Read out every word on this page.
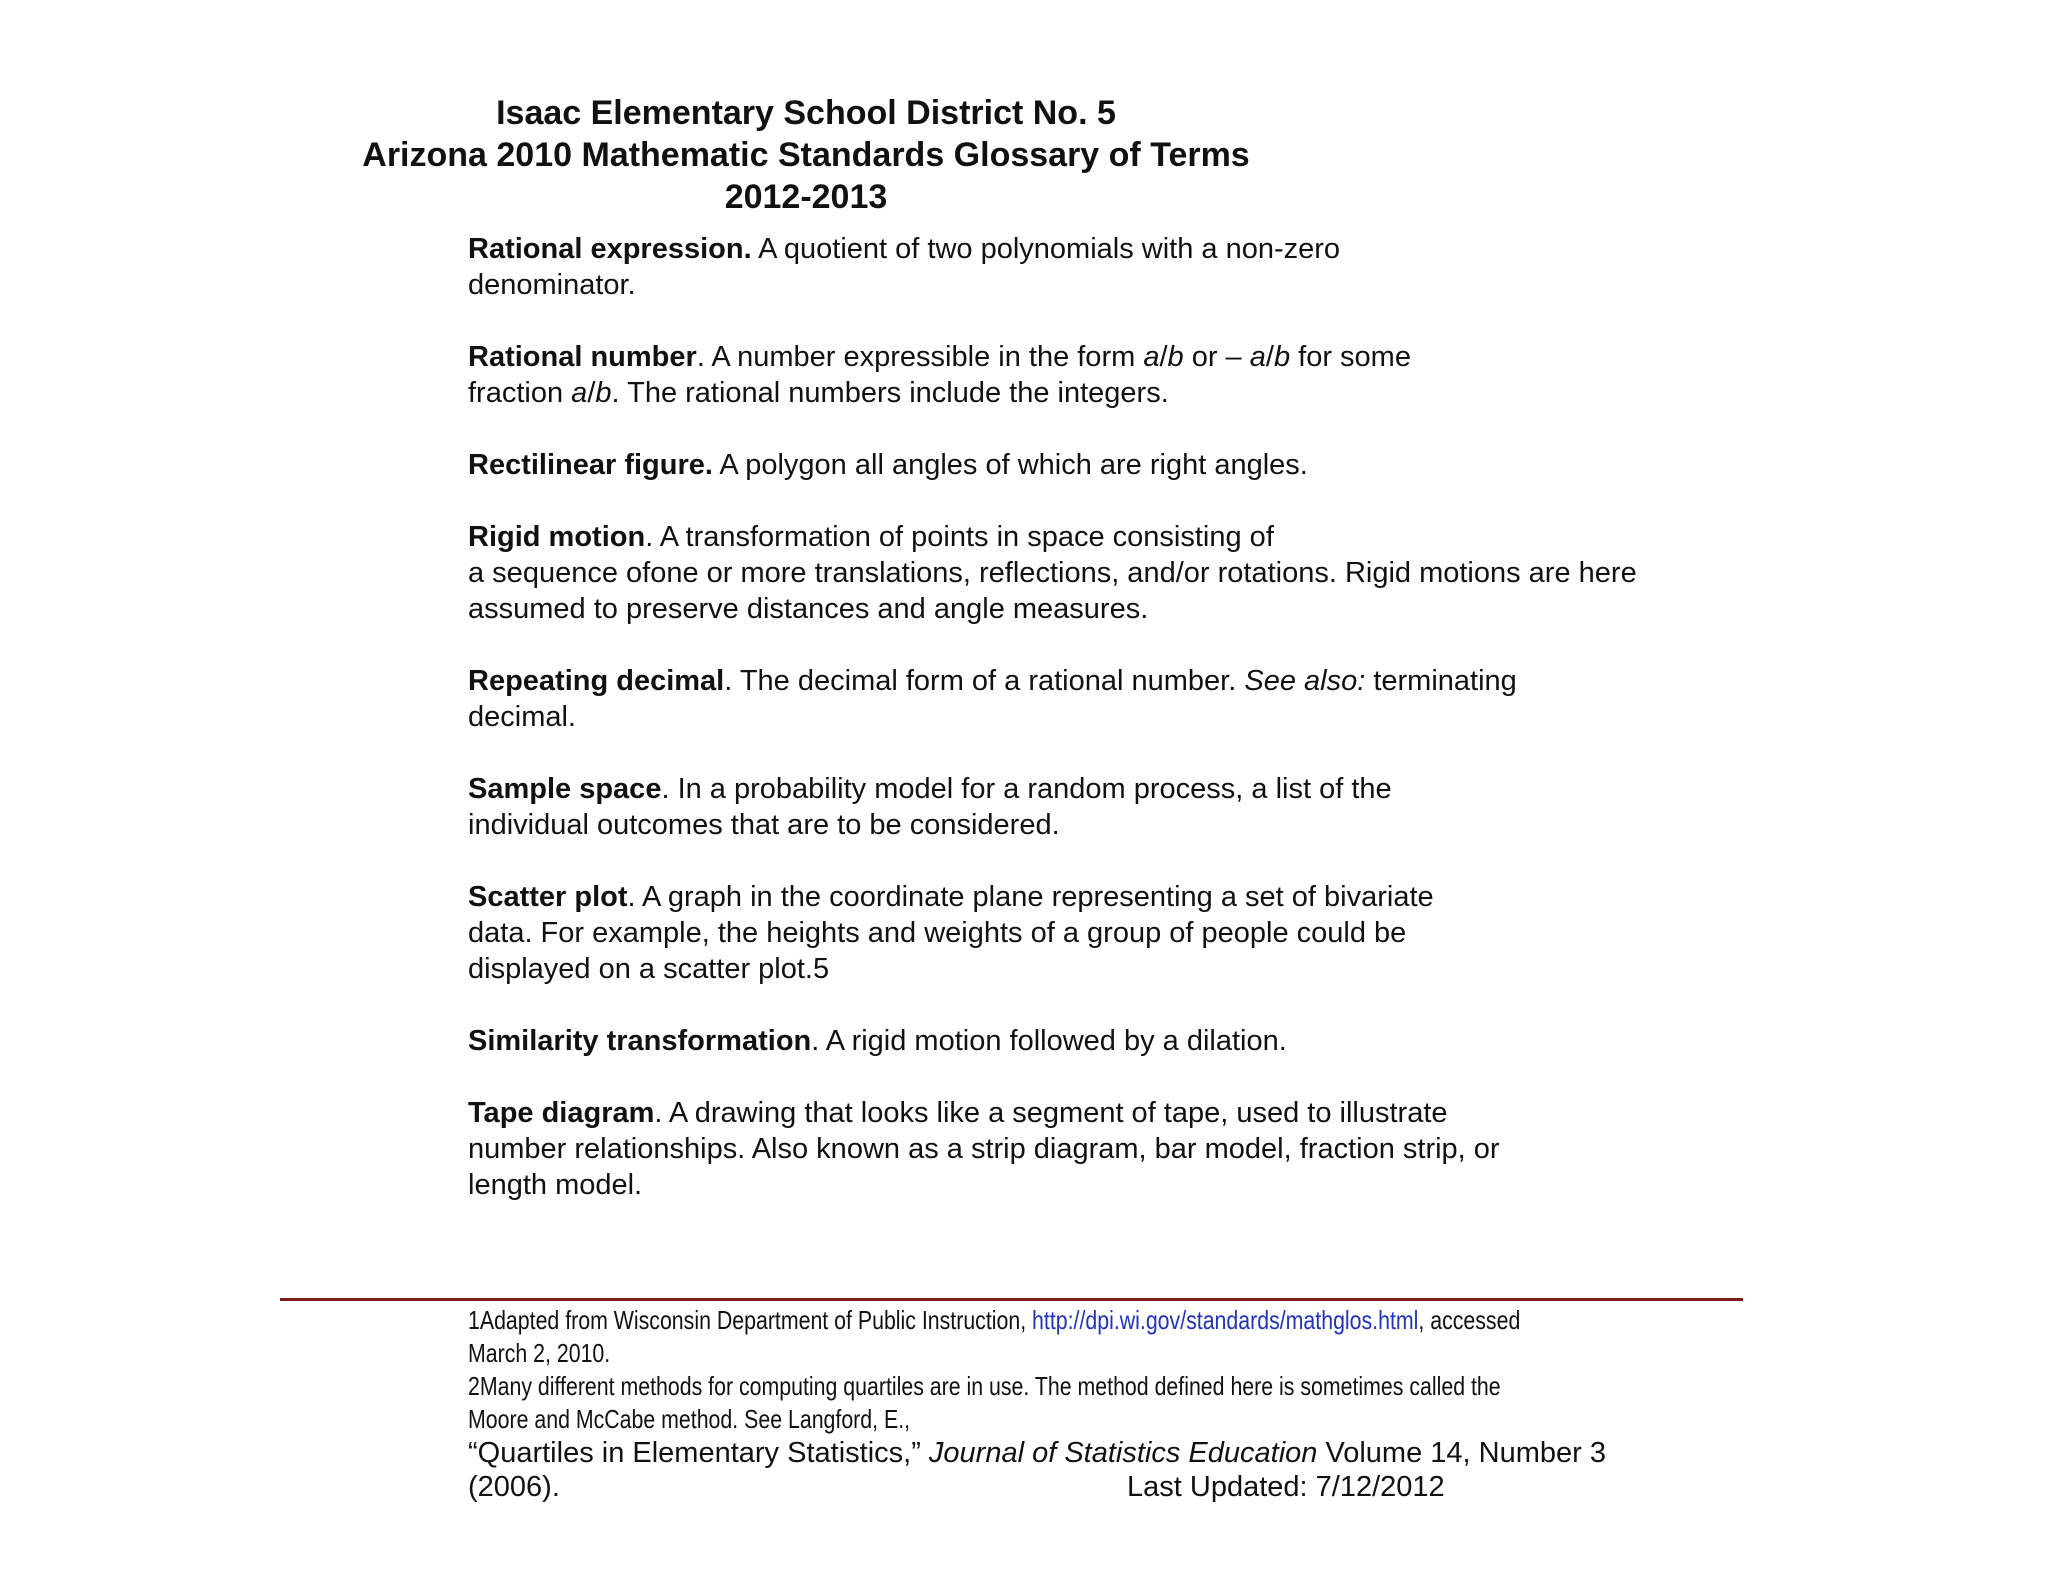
Isaac Elementary School District No. 5
Arizona 2010 Mathematic Standards Glossary of Terms
2012-2013
Rational expression. A quotient of two polynomials with a non-zero
denominator.

Rational number. A number expressible in the form a/b or – a/b for some
fraction a/b. The rational numbers include the integers.

Rectilinear figure. A polygon all angles of which are right angles.

Rigid motion. A transformation of points in space consisting of
a sequence ofone or more translations, reflections, and/or rotations. Rigid motions are here
assumed to preserve distances and angle measures.

Repeating decimal. The decimal form of a rational number. See also: terminating
decimal.

Sample space. In a probability model for a random process, a list of the
individual outcomes that are to be considered.

Scatter plot. A graph in the coordinate plane representing a set of bivariate
data. For example, the heights and weights of a group of people could be
displayed on a scatter plot.5

Similarity transformation. A rigid motion followed by a dilation.

Tape diagram. A drawing that looks like a segment of tape, used to illustrate
number relationships. Also known as a strip diagram, bar model, fraction strip, or
length model.
1Adapted from Wisconsin Department of Public Instruction, http://dpi.wi.gov/standards/mathglos.html, accessed
March 2, 2010.
2Many different methods for computing quartiles are in use. The method defined here is sometimes called the
Moore and McCabe method. See Langford, E.,
“Quartiles in Elementary Statistics,” Journal of Statistics Education Volume 14, Number 3
(2006).	Last Updated: 7/12/2012
